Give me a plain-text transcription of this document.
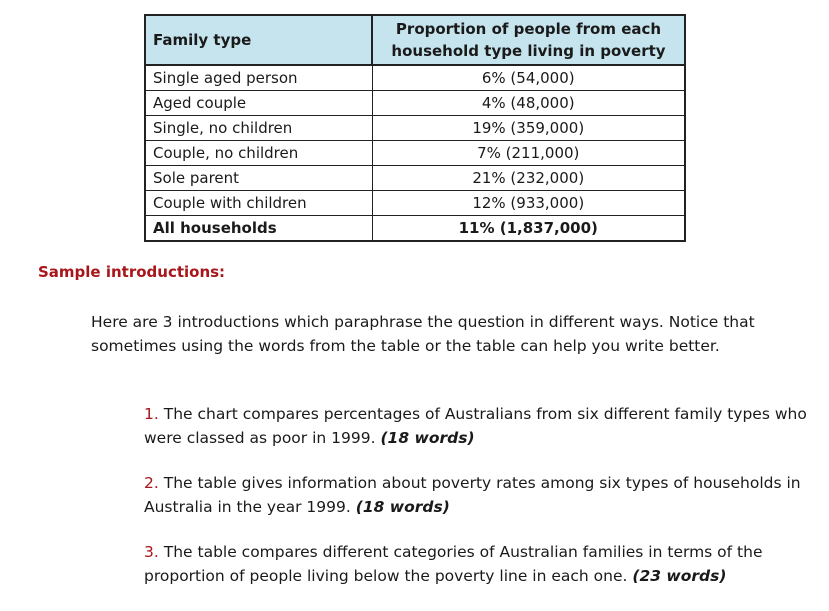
Family type	Proportion of people from each household type living in poverty
Single aged person	6% (54,000)
Aged couple	4% (48,000)
Single, no children	19% (359,000)
Couple, no children	7% (211,000)
Sole parent	21% (232,000)
Couple with children	12% (933,000)
All households	11% (1,837,000)
Sample introductions:

Here are 3 introductions which paraphrase the question in different ways. Notice that sometimes using the words from the table or the table can help you write better.

1. The chart compares percentages of Australians from six different family types who were classed as poor in 1999. (18 words)

2. The table gives information about poverty rates among six types of households in Australia in the year 1999. (18 words)

3. The table compares different categories of Australian families in terms of the proportion of people living below the poverty line in each one. (23 words)
